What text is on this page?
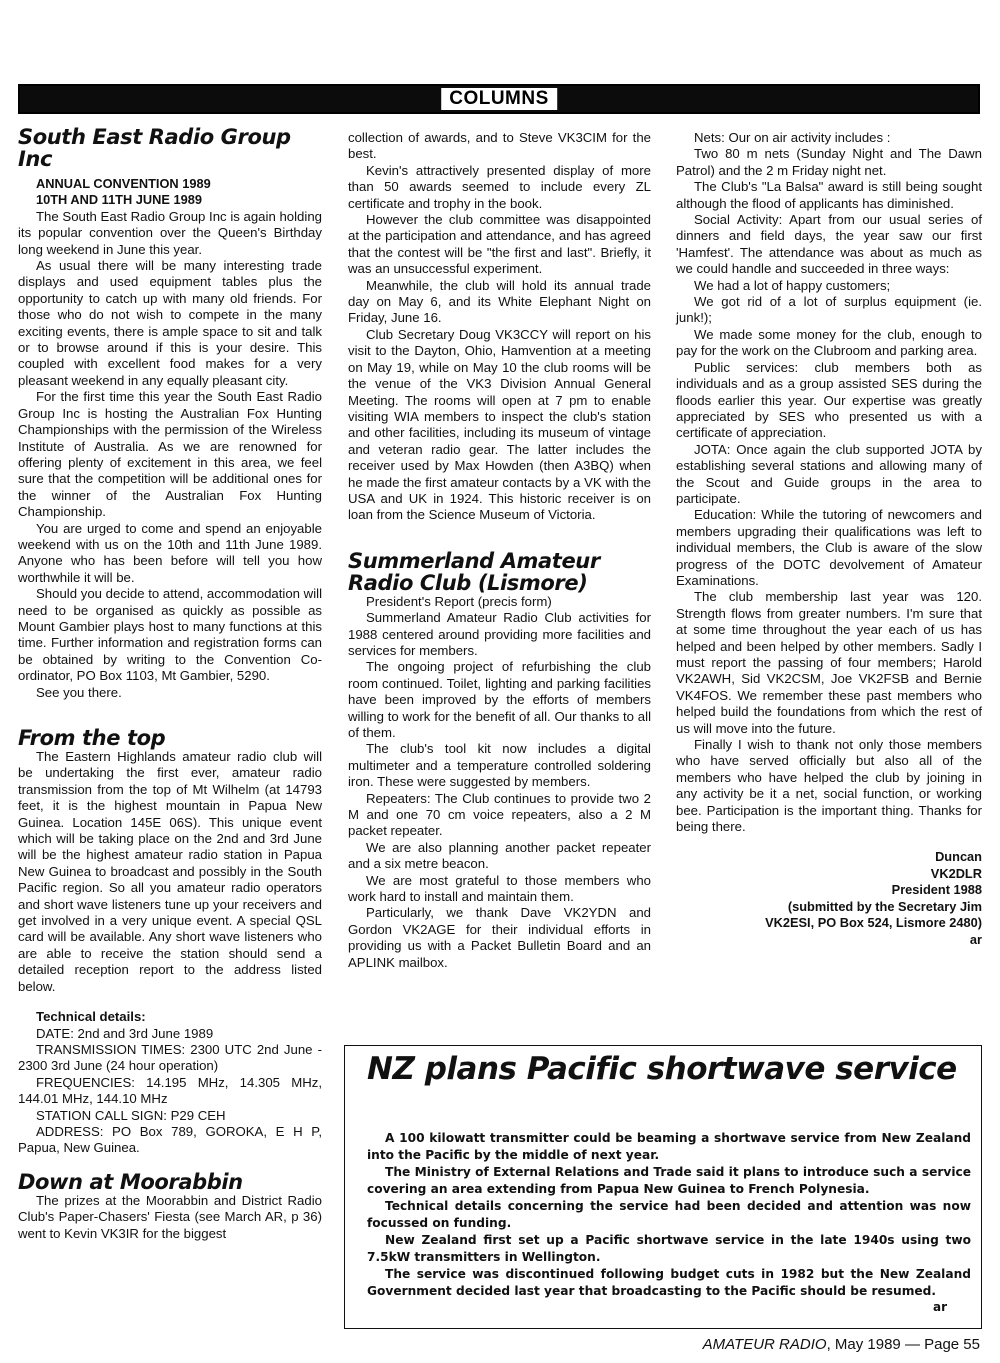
COLUMNS
South East Radio Group Inc

ANNUAL CONVENTION 1989

10TH AND 11TH JUNE 1989

The South East Radio Group Inc is again holding its popular convention over the Queen's Birthday long weekend in June this year.

As usual there will be many interesting trade displays and used equipment tables plus the opportunity to catch up with many old friends. For those who do not wish to compete in the many exciting events, there is ample space to sit and talk or to browse around if this is your desire. This coupled with excellent food makes for a very pleasant weekend in any equally pleasant city.

For the first time this year the South East Radio Group Inc is hosting the Australian Fox Hunting Championships with the permission of the Wireless Institute of Australia. As we are renowned for offering plenty of excitement in this area, we feel sure that the competition will be additional ones for the winner of the Australian Fox Hunting Championship.

You are urged to come and spend an enjoyable weekend with us on the 10th and 11th June 1989. Anyone who has been before will tell you how worthwhile it will be.

Should you decide to attend, accommodation will need to be organised as quickly as possible as Mount Gambier plays host to many functions at this time. Further information and registration forms can be obtained by writing to the Convention Co-ordinator, PO Box 1103, Mt Gambier, 5290.

See you there.

From the top

The Eastern Highlands amateur radio club will be undertaking the first ever, amateur radio transmission from the top of Mt Wilhelm (at 14793 feet, it is the highest mountain in Papua New Guinea. Location 145E 06S). This unique event which will be taking place on the 2nd and 3rd June will be the highest amateur radio station in Papua New Guinea to broadcast and possibly in the South Pacific region. So all you amateur radio operators and short wave listeners tune up your receivers and get involved in a very unique event. A special QSL card will be available. Any short wave listeners who are able to receive the station should send a detailed reception report to the address listed below.

Technical details:

DATE: 2nd and 3rd June 1989

TRANSMISSION TIMES: 2300 UTC 2nd June - 2300 3rd June (24 hour operation)

FREQUENCIES: 14.195 MHz, 14.305 MHz, 144.01 MHz, 144.10 MHz

STATION CALL SIGN: P29 CEH

ADDRESS: PO Box 789, GOROKA, E H P, Papua, New Guinea.

Down at Moorabbin

The prizes at the Moorabbin and District Radio Club's Paper-Chasers' Fiesta (see March AR, p 36) went to Kevin VK3IR for the biggest

collection of awards, and to Steve VK3CIM for the best.

Kevin's attractively presented display of more than 50 awards seemed to include every ZL certificate and trophy in the book.

However the club committee was disappointed at the participation and attendance, and has agreed that the contest will be "the first and last". Briefly, it was an unsuccessful experiment.

Meanwhile, the club will hold its annual trade day on May 6, and its White Elephant Night on Friday, June 16.

Club Secretary Doug VK3CCY will report on his visit to the Dayton, Ohio, Hamvention at a meeting on May 19, while on May 10 the club rooms will be the venue of the VK3 Division Annual General Meeting. The rooms will open at 7 pm to enable visiting WIA members to inspect the club's station and other facilities, including its museum of vintage and veteran radio gear. The latter includes the receiver used by Max Howden (then A3BQ) when he made the first amateur contacts by a VK with the USA and UK in 1924. This historic receiver is on loan from the Science Museum of Victoria.

Summerland Amateur Radio Club (Lismore)

President's Report (precis form)

Summerland Amateur Radio Club activities for 1988 centered around providing more facilities and services for members.

The ongoing project of refurbishing the club room continued. Toilet, lighting and parking facilities have been improved by the efforts of members willing to work for the benefit of all. Our thanks to all of them.

The club's tool kit now includes a digital multimeter and a temperature controlled soldering iron. These were suggested by members.

Repeaters: The Club continues to provide two 2 M and one 70 cm voice repeaters, also a 2 M packet repeater.

We are also planning another packet repeater and a six metre beacon.

We are most grateful to those members who work hard to install and maintain them.

Particularly, we thank Dave VK2YDN and Gordon VK2AGE for their individual efforts in providing us with a Packet Bulletin Board and an APLINK mailbox.

Nets: Our on air activity includes :

Two 80 m nets (Sunday Night and The Dawn Patrol) and the 2 m Friday night net.

The Club's "La Balsa" award is still being sought although the flood of applicants has diminished.

Social Activity: Apart from our usual series of dinners and field days, the year saw our first 'Hamfest'. The attendance was about as much as we could handle and succeeded in three ways:

We had a lot of happy customers;

We got rid of a lot of surplus equipment (ie. junk!);

We made some money for the club, enough to pay for the work on the Clubroom and parking area.

Public services: club members both as individuals and as a group assisted SES during the floods earlier this year. Our expertise was greatly appreciated by SES who presented us with a certificate of appreciation.

JOTA: Once again the club supported JOTA by establishing several stations and allowing many of the Scout and Guide groups in the area to participate.

Education: While the tutoring of newcomers and members upgrading their qualifications was left to individual members, the Club is aware of the slow progress of the DOTC devolvement of Amateur Examinations.

The club membership last year was 120. Strength flows from greater numbers. I'm sure that at some time throughout the year each of us has helped and been helped by other members. Sadly I must report the passing of four members; Harold VK2AWH, Sid VK2CSM, Joe VK2FSB and Bernie VK4FOS. We remember these past members who helped build the foundations from which the rest of us will move into the future.

Finally I wish to thank not only those members who have served officially but also all of the members who have helped the club by joining in any activity be it a net, social function, or working bee. Participation is the important thing. Thanks for being there.

Duncan

VK2DLR

President 1988

(submitted by the Secretary Jim

VK2ESI, PO Box 524, Lismore 2480)

ar

NZ plans Pacific shortwave service

A 100 kilowatt transmitter could be beaming a shortwave service from New Zealand into the Pacific by the middle of next year.

The Ministry of External Relations and Trade said it plans to introduce such a service covering an area extending from Papua New Guinea to French Polynesia.

Technical details concerning the service had been decided and attention was now focussed on funding.

New Zealand first set up a Pacific shortwave service in the late 1940s using two 7.5kW transmitters in Wellington.

The service was discontinued following budget cuts in 1982 but the New Zealand Government decided last year that broadcasting to the Pacific should be resumed.

ar
AMATEUR RADIO, May 1989 — Page 55
